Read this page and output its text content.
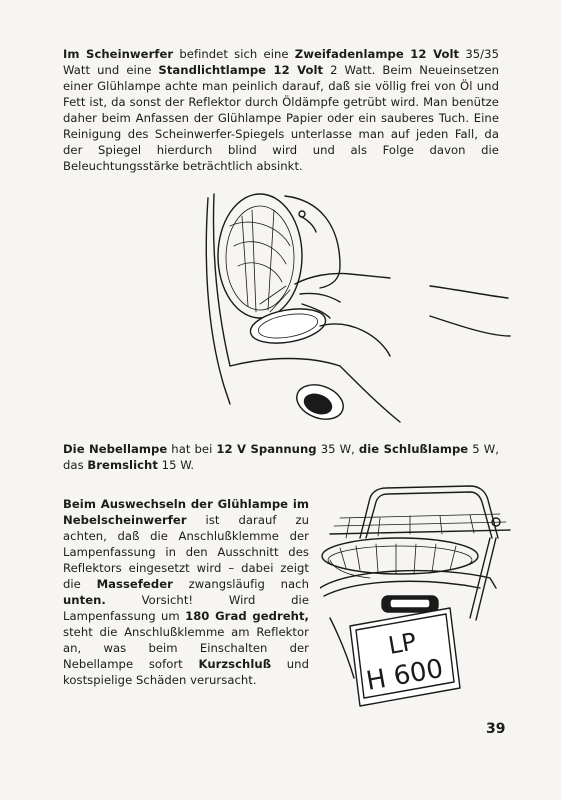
Im Scheinwerfer befindet sich eine Zweifadenlampe 12 Volt 35/35 Watt und eine Standlichtlampe 12 Volt 2 Watt. Beim Neueinsetzen einer Glühlampe achte man peinlich darauf, daß sie völlig frei von Öl und Fett ist, da sonst der Reflektor durch Öldämpfe getrübt wird. Man benütze daher beim Anfassen der Glühlampe Papier oder ein sauberes Tuch. Eine Reinigung des Scheinwerfer-Spiegels unterlasse man auf jeden Fall, da der Spiegel hierdurch blind wird und als Folge davon die Beleuchtungsstärke beträchtlich absinkt.
Die Nebellampe hat bei 12 V Spannung 35 W, die Schlußlampe 5 W, das Bremslicht 15 W.
Beim Auswechseln der Glühlampe im Nebelscheinwerfer ist darauf zu achten, daß die Anschlußklemme der Lampenfassung in den Ausschnitt des Reflektors eingesetzt wird – dabei zeigt die Massefeder zwangsläufig nach unten. Vorsicht! Wird die Lampenfassung um 180 Grad gedreht, steht die Anschlußklemme am Reflektor an, was beim Einschalten der Nebellampe sofort Kurzschluß und kostspielige Schäden verursacht.
LP
H 600
39
